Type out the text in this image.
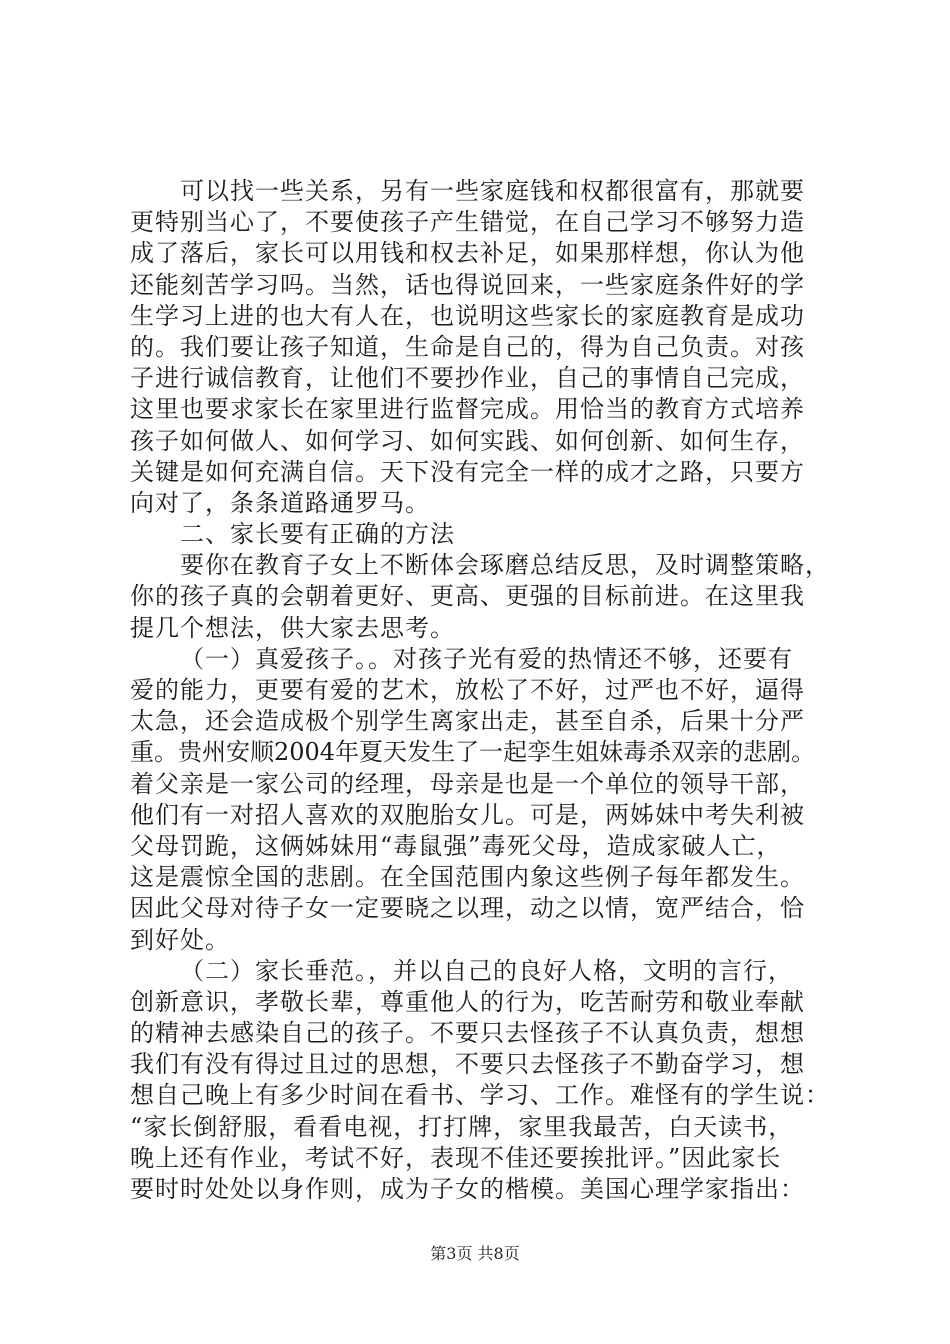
可以找一些关系，另有一些家庭钱和权都很富有，那就要
更特别当心了，不要使孩子产生错觉，在自己学习不够努力造
成了落后，家长可以用钱和权去补足，如果那样想，你认为他
还能刻苦学习吗。当然，话也得说回来，一些家庭条件好的学
生学习上进的也大有人在，也说明这些家长的家庭教育是成功
的。我们要让孩子知道，生命是自己的，得为自己负责。对孩
子进行诚信教育，让他们不要抄作业，自己的事情自己完成，
这里也要求家长在家里进行监督完成。用恰当的教育方式培养
孩子如何做人、如何学习、如何实践、如何创新、如何生存，
关键是如何充满自信。天下没有完全一样的成才之路，只要方
向对了，条条道路通罗马。
二、家长要有正确的方法
要你在教育子女上不断体会琢磨总结反思，及时调整策略，
你的孩子真的会朝着更好、更高、更强的目标前进。在这里我
提几个想法，供大家去思考。
（一）真爱孩子。。对孩子光有爱的热情还不够，还要有
爱的能力，更要有爱的艺术，放松了不好，过严也不好，逼得
太急，还会造成极个别学生离家出走，甚至自杀，后果十分严
重。贵州安顺2004年夏天发生了一起孪生姐妹毒杀双亲的悲剧。
着父亲是一家公司的经理，母亲是也是一个单位的领导干部，
他们有一对招人喜欢的双胞胎女儿。可是，两姊妹中考失利被
父母罚跪，这俩姊妹用“毒鼠强”毒死父母，造成家破人亡，
这是震惊全国的悲剧。在全国范围内象这些例子每年都发生。
因此父母对待子女一定要晓之以理，动之以情，宽严结合，恰
到好处。
（二）家长垂范。，并以自己的良好人格，文明的言行，
创新意识，孝敬长辈，尊重他人的行为，吃苦耐劳和敬业奉献
的精神去感染自己的孩子。不要只去怪孩子不认真负责，想想
我们有没有得过且过的思想，不要只去怪孩子不勤奋学习，想
想自己晚上有多少时间在看书、学习、工作。难怪有的学生说：
“家长倒舒服，看看电视，打打牌，家里我最苦，白天读书，
晚上还有作业，考试不好，表现不佳还要挨批评。”因此家长
要时时处处以身作则，成为子女的楷模。美国心理学家指出：
第3页 共8页
